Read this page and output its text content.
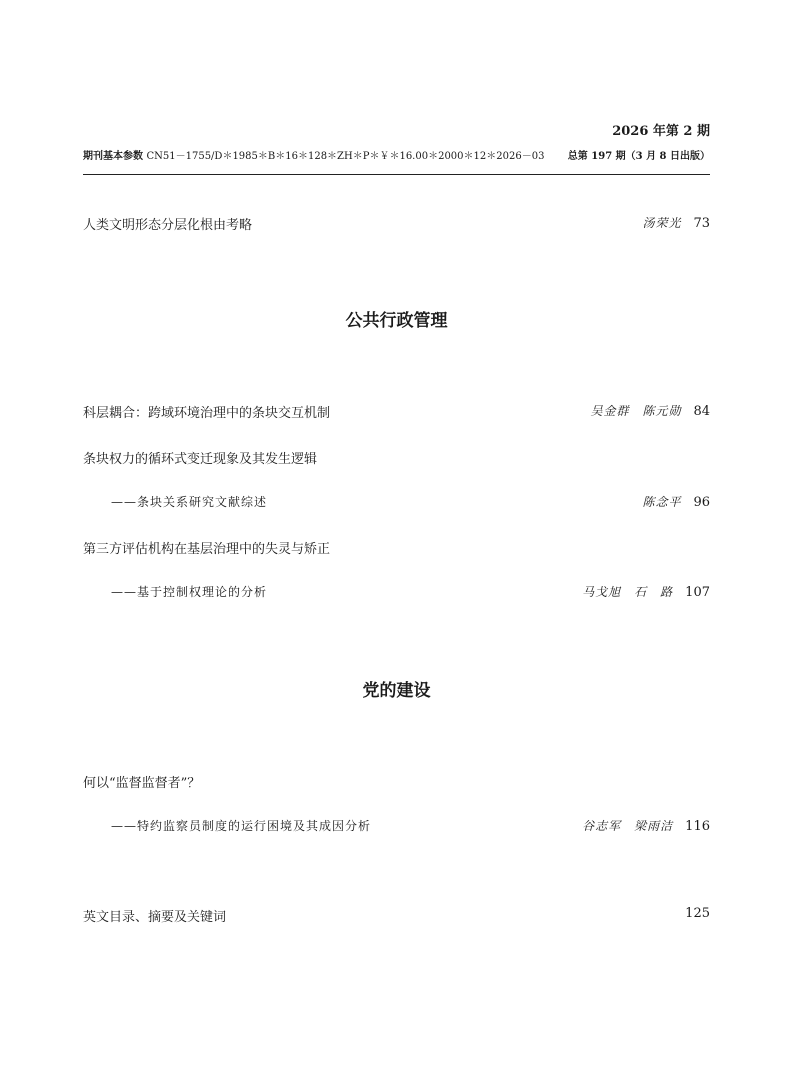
2026 年第 2 期
期刊基本参数 CN51－1755/D＊1985＊B＊16＊128＊ZH＊P＊￥＊16.00＊2000＊12＊2026－03 总第 197 期（3 月 8 日出版）
人类文明形态分层化根由考略	汤荣光 73
公共行政管理
科层耦合：跨域环境治理中的条块交互机制	吴金群　陈元勋 84
条块权力的循环式变迁现象及其发生逻辑
——条块关系研究文献综述	陈念平 96
第三方评估机构在基层治理中的失灵与矫正
——基于控制权理论的分析	马戈旭　石　路 107
党的建设
何以“监督监督者”？
——特约监察员制度的运行困境及其成因分析	谷志军　梁雨洁 116
英文目录、摘要及关键词	125
